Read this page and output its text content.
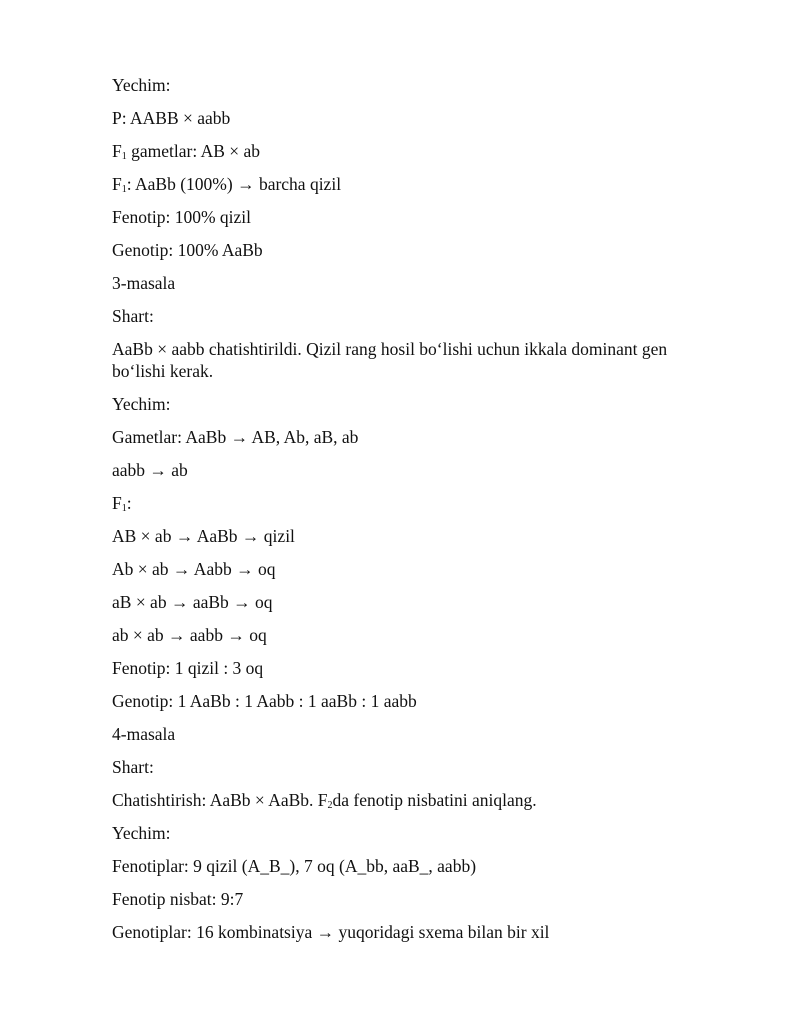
Yechim:

P: AABB × aabb

$F_1$ gametlar: AB × ab

$F_1$: AaBb (100%) → barcha qizil

Fenotip: 100% qizil

Genotip: 100% AaBb

3-masala

Shart:

AaBb × aabb chatishtirildi. Qizil rang hosil bo‘lishi uchun ikkala dominant gen bo‘lishi kerak.

Yechim:

Gametlar: AaBb → AB, Ab, aB, ab

aabb → ab

$F_1$:

AB × ab → AaBb → qizil

Ab × ab → Aabb → oq

aB × ab → aaBb → oq

ab × ab → aabb → oq

Fenotip: 1 qizil : 3 oq

Genotip: 1 AaBb : 1 Aabb : 1 aaBb : 1 aabb

4-masala

Shart:

Chatishtirish: AaBb × AaBb. $F_2da$ fenotip nisbatini aniqlang.

Yechim:

Fenotiplar: 9 qizil (A_B_), 7 oq (A_bb, aaB_, aabb)

Fenotip nisbat: 9:7

Genotiplar: 16 kombinatsiya → yuqoridagi sxema bilan bir xil
